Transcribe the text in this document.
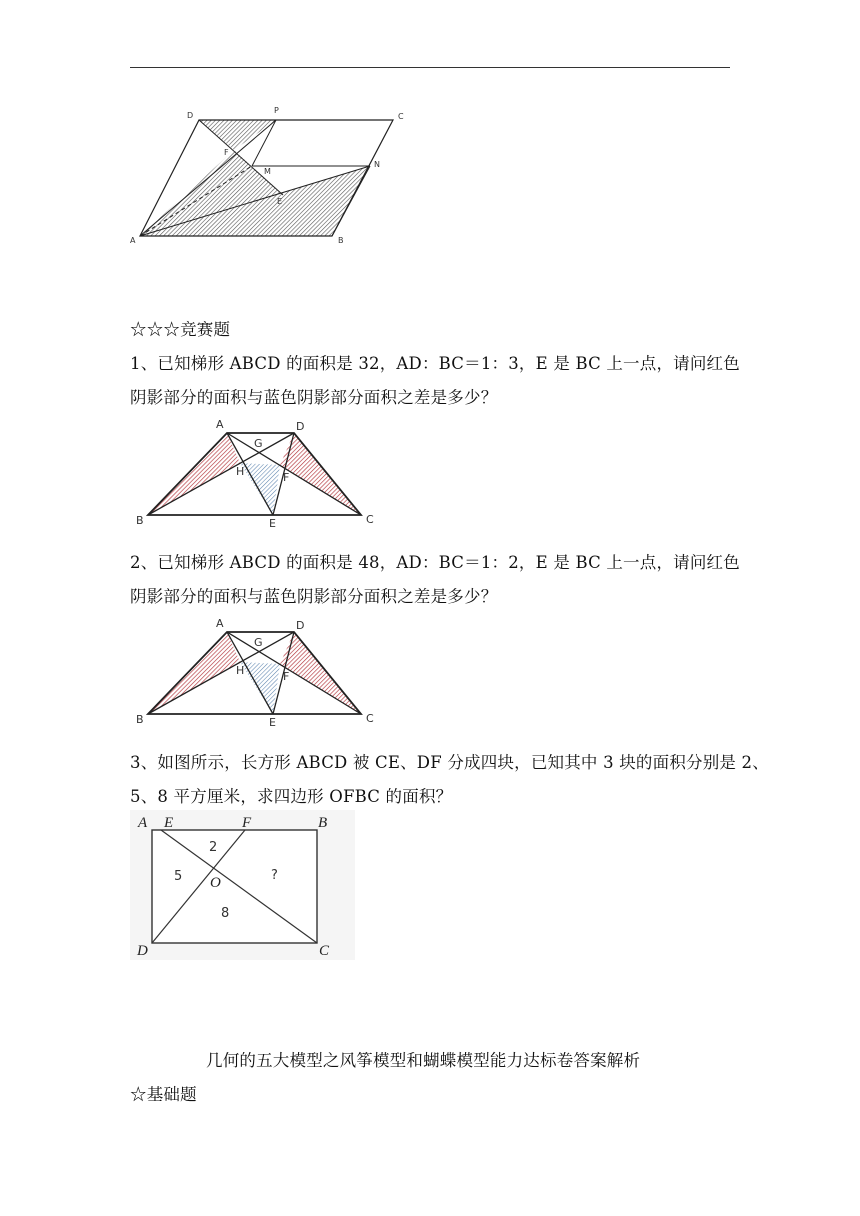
D
P
C
F
M
N
E
A	B
☆☆☆竞赛题
1、已知梯形 ABCD 的面积是 32，AD：BC＝1：3，E 是 BC 上一点，请问红色
阴影部分的面积与蓝色阴影部分面积之差是多少？
A	D
G
H	F
B	E	C
2、已知梯形 ABCD 的面积是 48，AD：BC＝1：2，E 是 BC 上一点，请问红色
阴影部分的面积与蓝色阴影部分面积之差是多少？
A	D
G
H	F
B	E	C
3、如图所示，长方形 ABCD 被 CE、DF 分成四块，已知其中 3 块的面积分别是 2、
5、8 平方厘米，求四边形 OFBC 的面积？
A E	F	B
O
D	C
2
5
8
?
几何的五大模型之风筝模型和蝴蝶模型能力达标卷答案解析
☆基础题
